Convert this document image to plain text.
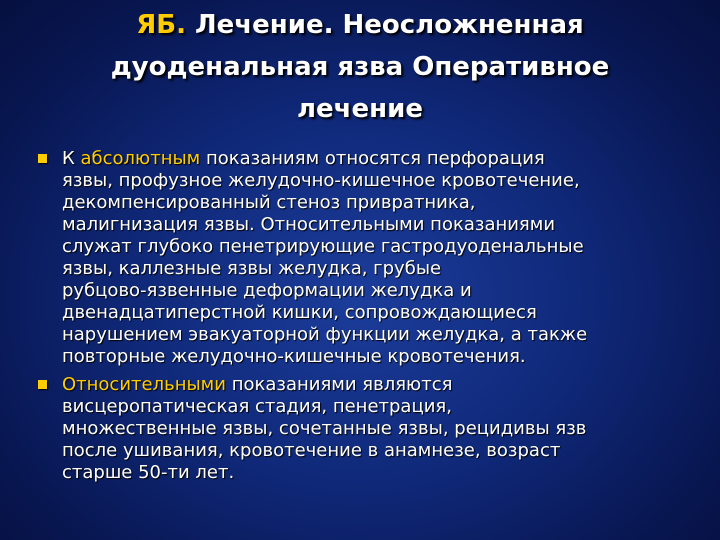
ЯБ. Лечение. Неосложненная
дуоденальная язва Оперативное
лечение
К абсолютным показаниям относятся перфорация
язвы, профузное желудочно-кишечное кровотечение,
декомпенсированный стеноз привратника,
малигнизация язвы. Относительными показаниями
служат глубоко пенетрирующие гастродуоденальные
язвы, каллезные язвы желудка, грубые
рубцово-язвенные деформации желудка и
двенадцатиперстной кишки, сопровождающиеся
нарушением эвакуаторной функции желудка, а также
повторные желудочно-кишечные кровотечения.
Относительными показаниями являются
висцеропатическая стадия, пенетрация,
множественные язвы, сочетанные язвы, рецидивы язв
после ушивания, кровотечение в анамнезе, возраст
старше 50-ти лет.
